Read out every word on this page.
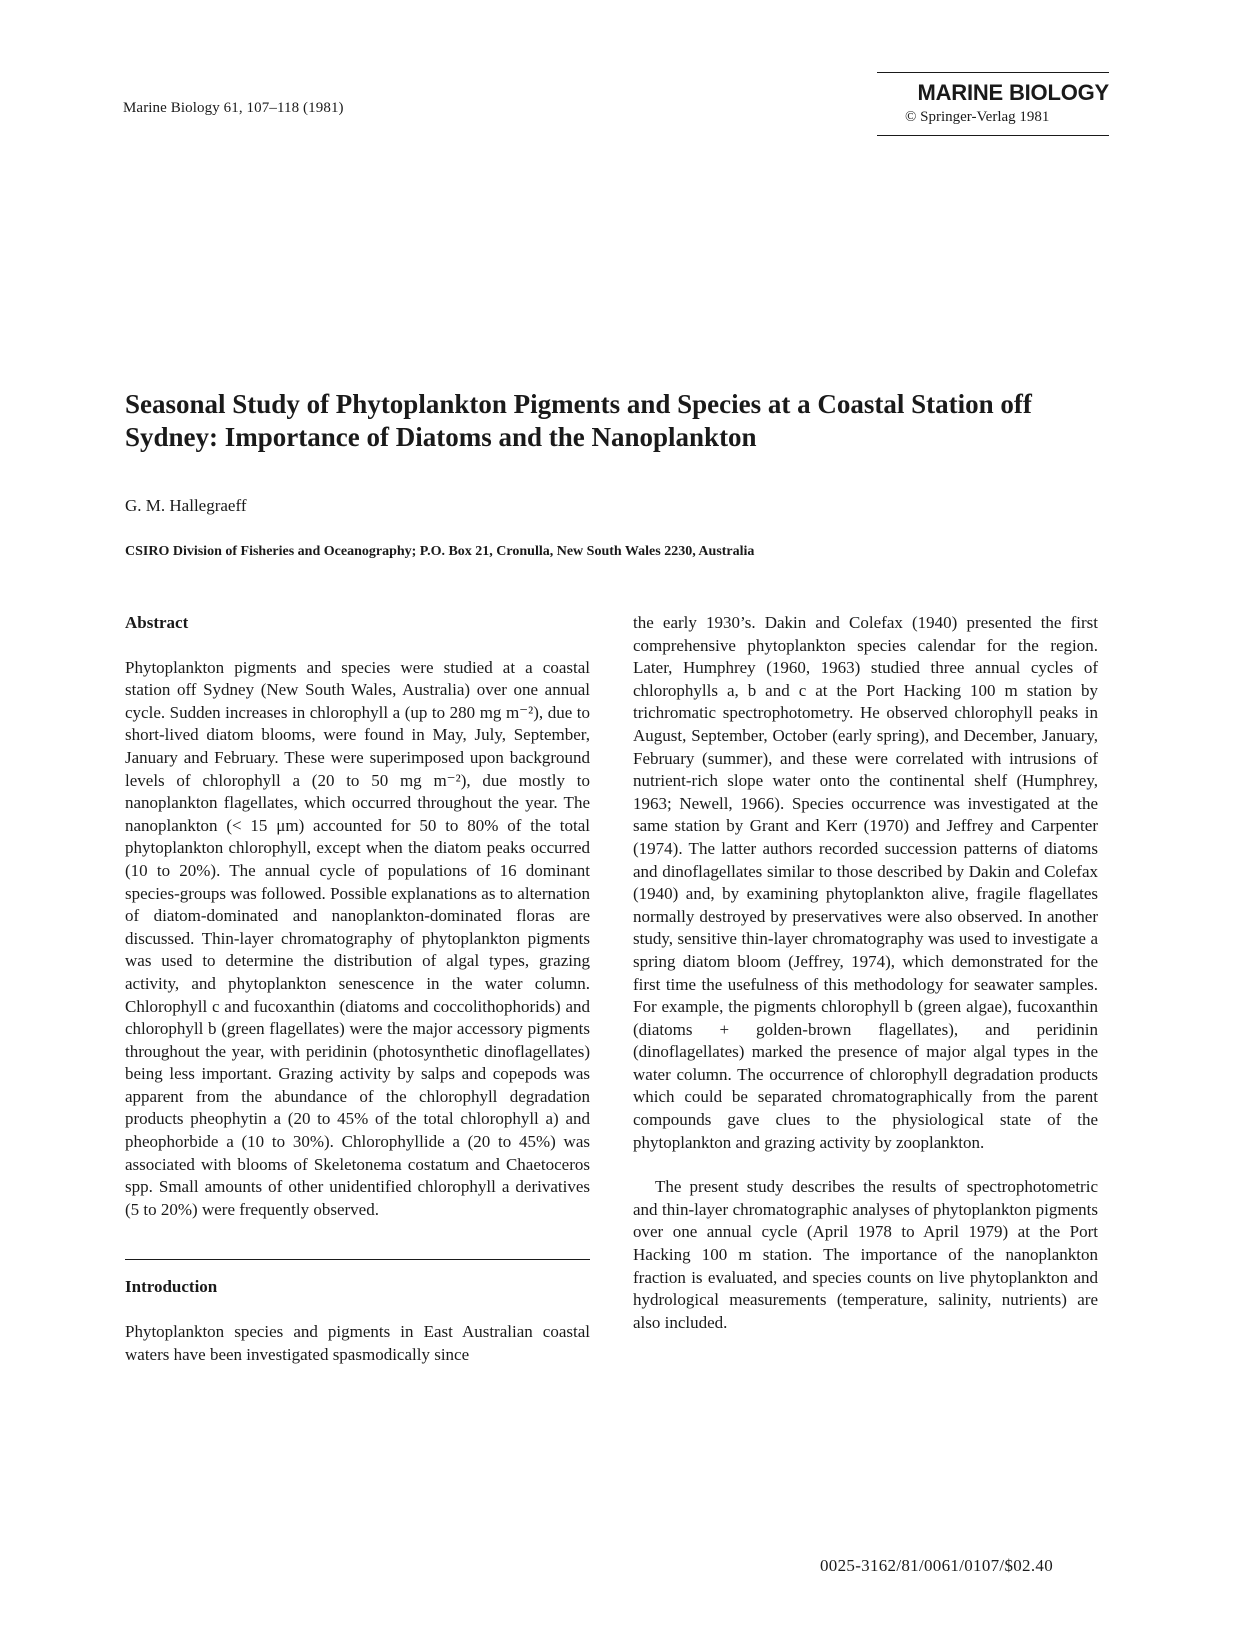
Marine Biology 61, 107–118 (1981)
MARINE BIOLOGY
© Springer-Verlag 1981
Seasonal Study of Phytoplankton Pigments and Species at a Coastal Station off Sydney: Importance of Diatoms and the Nanoplankton
G. M. Hallegraeff
CSIRO Division of Fisheries and Oceanography; P.O. Box 21, Cronulla, New South Wales 2230, Australia
Abstract

Phytoplankton pigments and species were studied at a coastal station off Sydney (New South Wales, Australia) over one annual cycle. Sudden increases in chlorophyll a (up to 280 mg m⁻²), due to short-lived diatom blooms, were found in May, July, September, January and February. These were superimposed upon background levels of chlorophyll a (20 to 50 mg m⁻²), due mostly to nanoplankton flagellates, which occurred throughout the year. The nanoplankton (< 15 μm) accounted for 50 to 80% of the total phytoplankton chlorophyll, except when the diatom peaks occurred (10 to 20%). The annual cycle of populations of 16 dominant species-groups was followed. Possible explanations as to alternation of diatom-dominated and nanoplankton-dominated floras are discussed. Thin-layer chromatography of phytoplankton pigments was used to determine the distribution of algal types, grazing activity, and phytoplankton senescence in the water column. Chlorophyll c and fucoxanthin (diatoms and coccolithophorids) and chlorophyll b (green flagellates) were the major accessory pigments throughout the year, with peridinin (photosynthetic dinoflagellates) being less important. Grazing activity by salps and copepods was apparent from the abundance of the chlorophyll degradation products pheophytin a (20 to 45% of the total chlorophyll a) and pheophorbide a (10 to 30%). Chlorophyllide a (20 to 45%) was associated with blooms of Skeletonema costatum and Chaetoceros spp. Small amounts of other unidentified chlorophyll a derivatives (5 to 20%) were frequently observed.

Introduction

Phytoplankton species and pigments in East Australian coastal waters have been investigated spasmodically since

the early 1930’s. Dakin and Colefax (1940) presented the first comprehensive phytoplankton species calendar for the region. Later, Humphrey (1960, 1963) studied three annual cycles of chlorophylls a, b and c at the Port Hacking 100 m station by trichromatic spectrophotometry. He observed chlorophyll peaks in August, September, October (early spring), and December, January, February (summer), and these were correlated with intrusions of nutrient-rich slope water onto the continental shelf (Humphrey, 1963; Newell, 1966). Species occurrence was investigated at the same station by Grant and Kerr (1970) and Jeffrey and Carpenter (1974). The latter authors recorded succession patterns of diatoms and dinoflagellates similar to those described by Dakin and Colefax (1940) and, by examining phytoplankton alive, fragile flagellates normally destroyed by preservatives were also observed. In another study, sensitive thin-layer chromatography was used to investigate a spring diatom bloom (Jeffrey, 1974), which demonstrated for the first time the usefulness of this methodology for seawater samples. For example, the pigments chlorophyll b (green algae), fucoxanthin (diatoms + golden-brown flagellates), and peridinin (dinoflagellates) marked the presence of major algal types in the water column. The occurrence of chlorophyll degradation products which could be separated chromatographically from the parent compounds gave clues to the physiological state of the phytoplankton and grazing activity by zooplankton.

The present study describes the results of spectrophotometric and thin-layer chromatographic analyses of phytoplankton pigments over one annual cycle (April 1978 to April 1979) at the Port Hacking 100 m station. The importance of the nanoplankton fraction is evaluated, and species counts on live phytoplankton and hydrological measurements (temperature, salinity, nutrients) are also included.

0025-3162/81/0061/0107/$02.40
